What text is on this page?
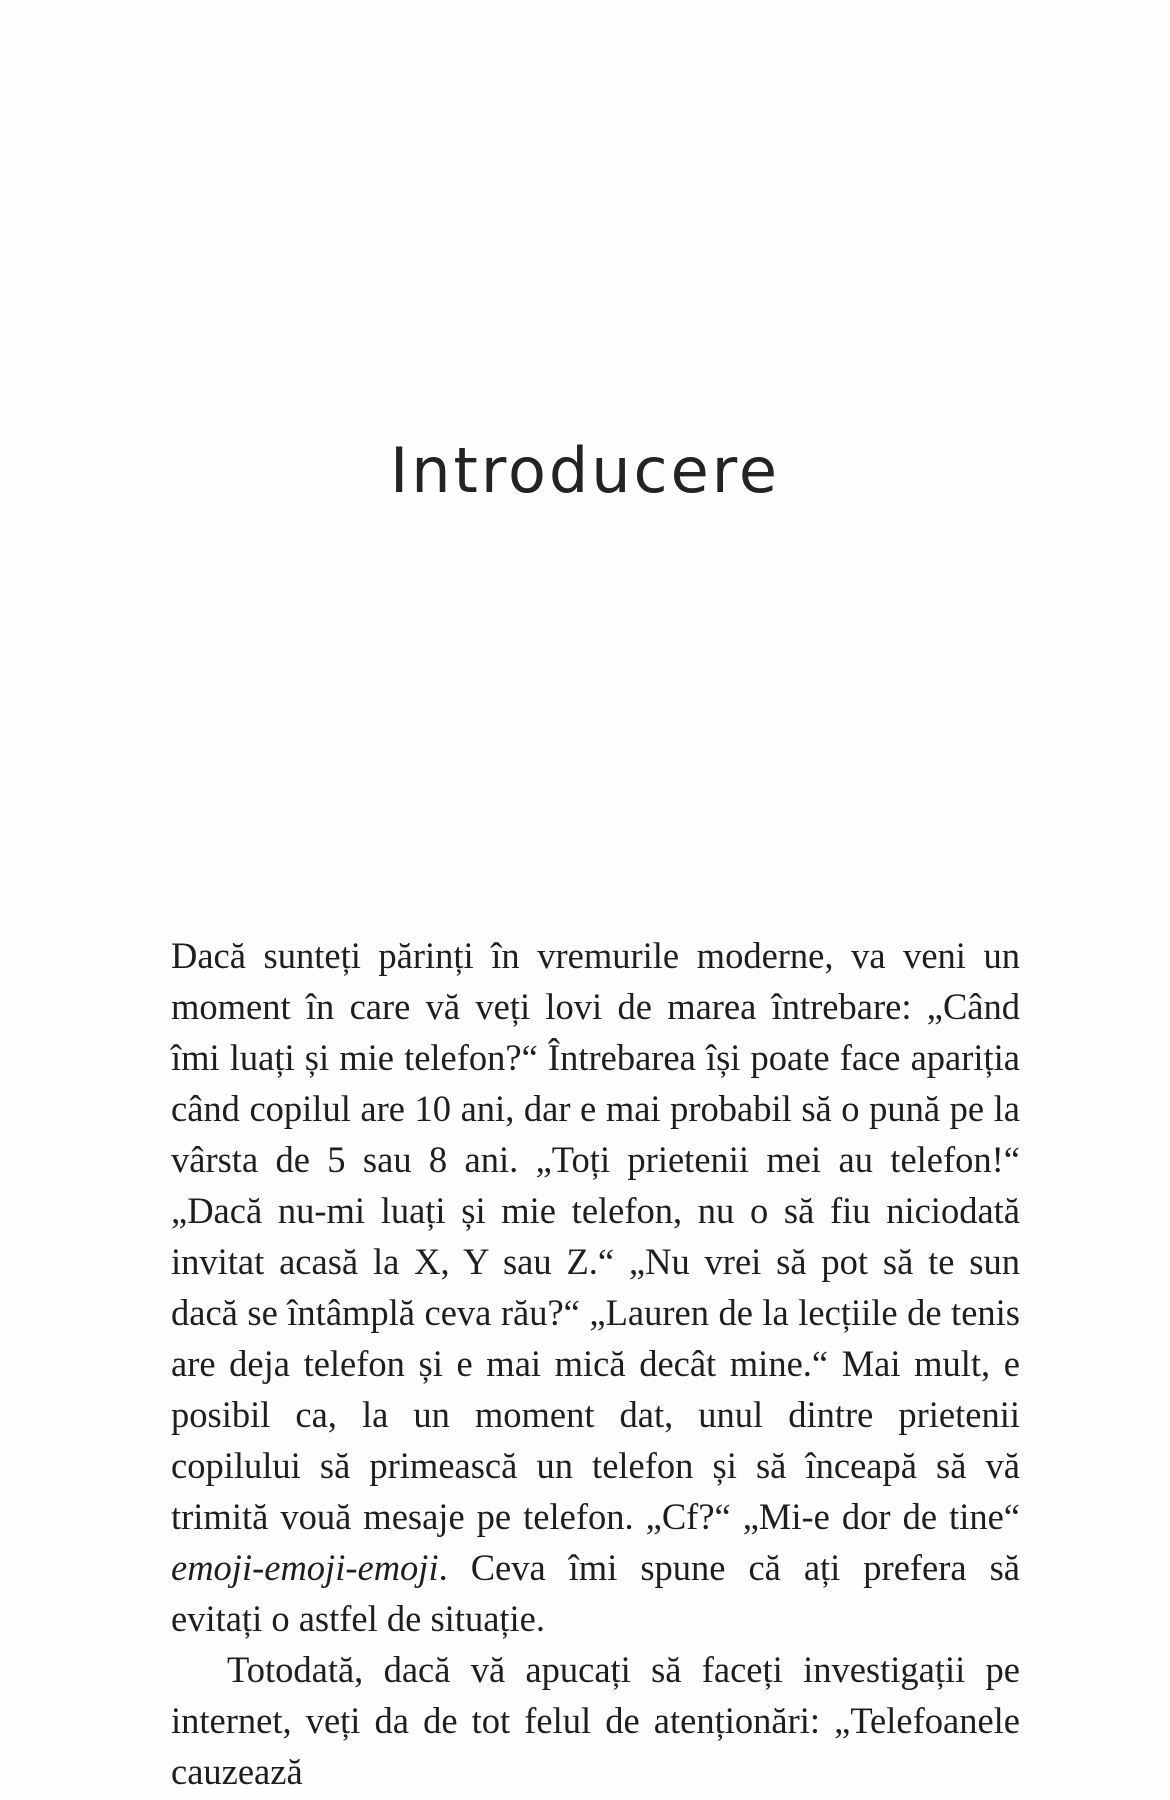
Introducere

Dacă sunteți părinți în vremurile moderne, va veni un moment în care vă veți lovi de marea întrebare: „Când îmi luați și mie telefon?“ Întrebarea își poate face apariția când copilul are 10 ani, dar e mai probabil să o pună pe la vârsta de 5 sau 8 ani. „Toți prietenii mei au telefon!“ „Dacă nu-mi luați și mie telefon, nu o să fiu niciodată invitat acasă la X, Y sau Z.“ „Nu vrei să pot să te sun dacă se întâmplă ceva rău?“ „Lauren de la lecțiile de tenis are deja telefon și e mai mică decât mine.“ Mai mult, e posibil ca, la un moment dat, unul dintre prietenii copilului să primească un telefon și să înceapă să vă trimită vouă mesaje pe telefon. „Cf?“ „Mi-e dor de tine“ emoji-emoji-emoji. Ceva îmi spune că ați prefera să evitați o astfel de situație.

Totodată, dacă vă apucați să faceți investigații pe internet, veți da de tot felul de atenționări: „Telefoanele cauzează
